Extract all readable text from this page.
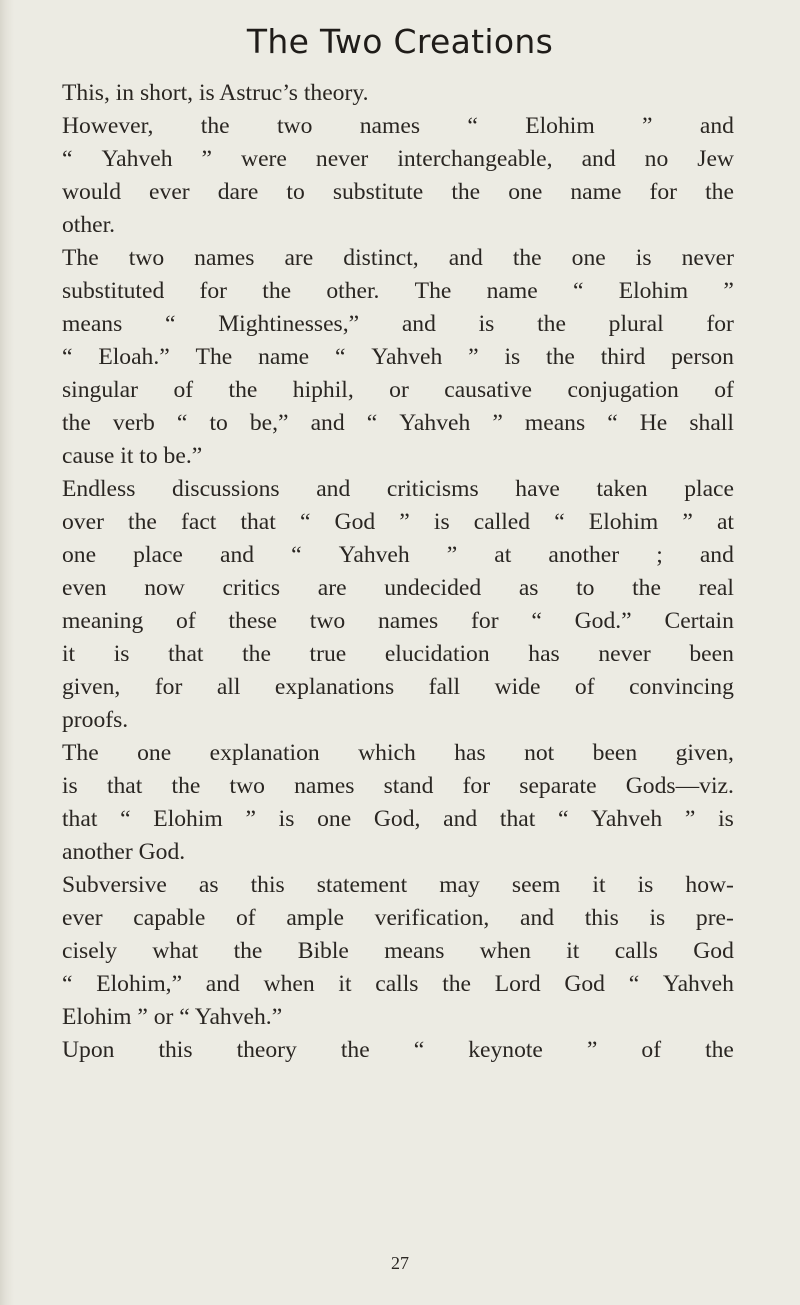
The Two Creations
This, in short, is Astruc’s theory.
However, the two names “ Elohim ” and
“ Yahveh ” were never interchangeable, and no Jew
would ever dare to substitute the one name for the
other.
The two names are distinct, and the one is never
substituted for the other. The name “ Elohim ”
means “ Mightinesses,” and is the plural for
“ Eloah.” The name “ Yahveh ” is the third person
singular of the hiphil, or causative conjugation of
the verb “ to be,” and “ Yahveh ” means “ He shall
cause it to be.”
Endless discussions and criticisms have taken place
over the fact that “ God ” is called “ Elohim ” at
one place and “ Yahveh ” at another ; and
even now critics are undecided as to the real
meaning of these two names for “ God.” Certain
it is that the true elucidation has never been
given, for all explanations fall wide of convincing
proofs.
The one explanation which has not been given,
is that the two names stand for separate Gods—viz.
that “ Elohim ” is one God, and that “ Yahveh ” is
another God.
Subversive as this statement may seem it is how-
ever capable of ample verification, and this is pre-
cisely what the Bible means when it calls God
“ Elohim,” and when it calls the Lord God “ Yahveh
Elohim ” or “ Yahveh.”
Upon this theory the “ keynote ” of the
27
